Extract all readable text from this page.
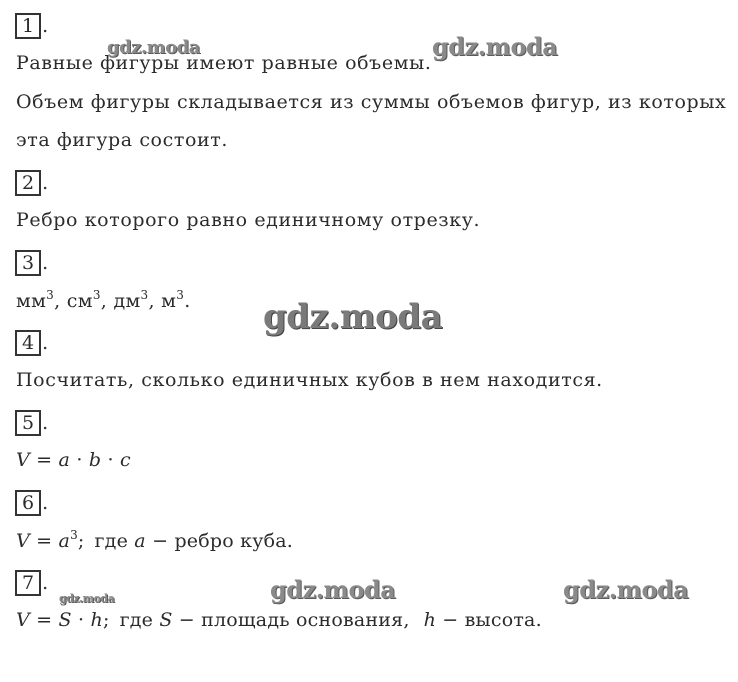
1 .
Равные фигуры имеют равные объемы.
Объем фигуры складывается из суммы объемов фигур, из которых
эта фигура состоит.
2 .
Ребро которого равно единичному отрезку.
3 .
$мм^3$, $см^3$, $дм^3$, $м^3$.
4 .
Посчитать, сколько единичных кубов в нем находится.
5 .
V = a · b · c
6 .
$V = a^3$; где a − ребро куба.
7 .
V = S · h; где S − площадь основания, h − высота.
gdz.moda	gdz.moda
gdz.moda
gdz.moda	gdz.moda	gdz.moda
